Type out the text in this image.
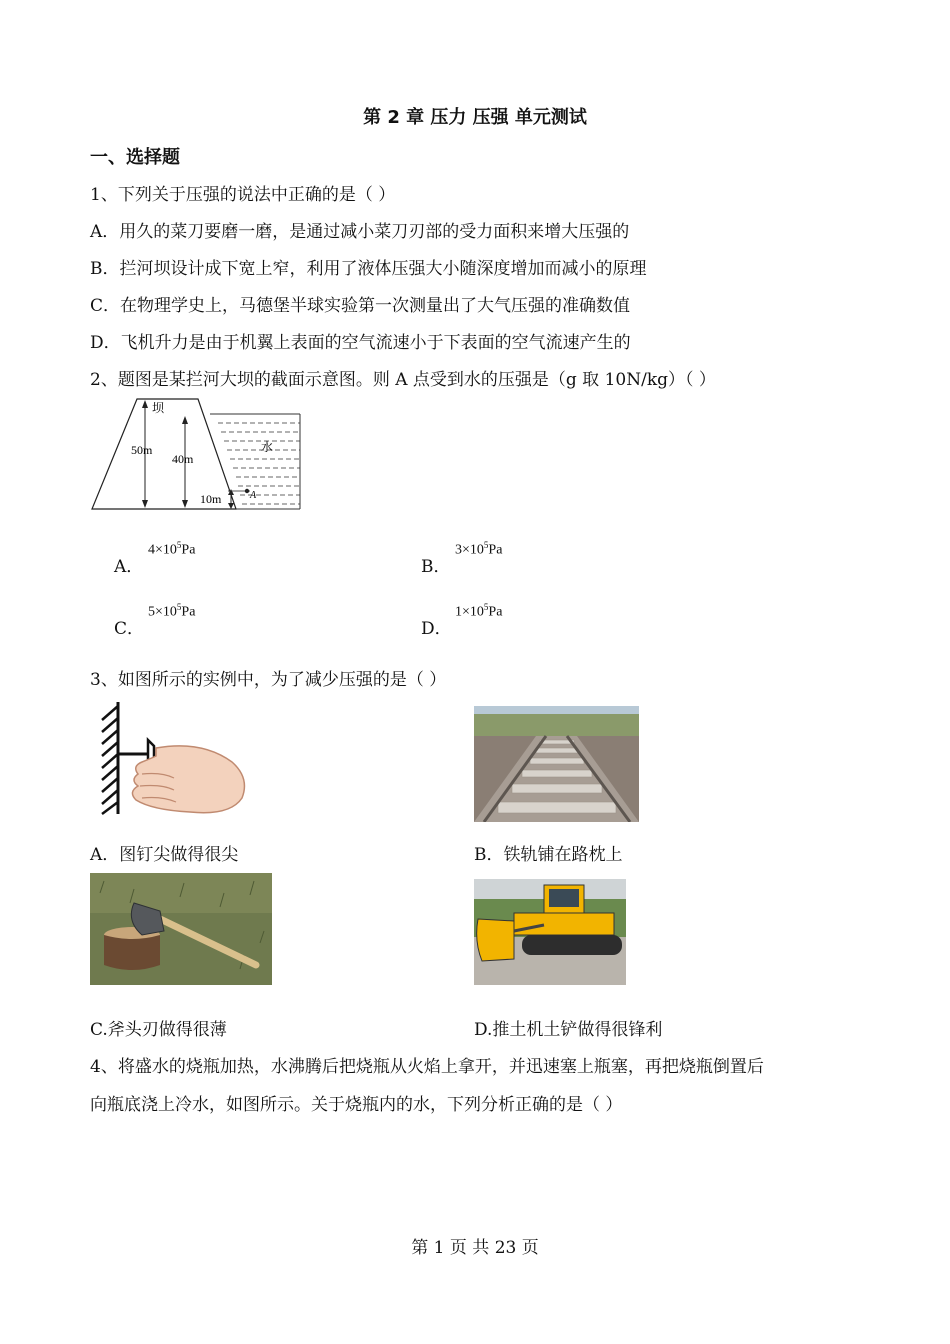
第 2 章 压力 压强 单元测试
一、选择题
1、下列关于压强的说法中正确的是（ ）
A．用久的菜刀要磨一磨，是通过减小菜刀刃部的受力面积来增大压强的
B．拦河坝设计成下宽上窄，利用了液体压强大小随深度增加而减小的原理
C．在物理学史上，马德堡半球实验第一次测量出了大气压强的准确数值
D．飞机升力是由于机翼上表面的空气流速小于下表面的空气流速产生的
2、题图是某拦河大坝的截面示意图。则 A 点受到水的压强是（g 取 10N/kg）（ ）
坝
水
50m
40m
10m	A
A．
$4\times 10^5Pa$
B．
$3\times 10^5Pa$
C．
$5\times 10^5Pa$
D．
$1\times 10^5Pa$
3、如图所示的实例中，为了减少压强的是（ ）
A．图钉尖做得很尖	B．铁轨铺在路枕上
C.斧头刃做得很薄	D.推土机土铲做得很锋利
4、将盛水的烧瓶加热，水沸腾后把烧瓶从火焰上拿开，并迅速塞上瓶塞，再把烧瓶倒置后
向瓶底浇上冷水，如图所示。关于烧瓶内的水，下列分析正确的是（ ）
第 1 页 共 23 页
